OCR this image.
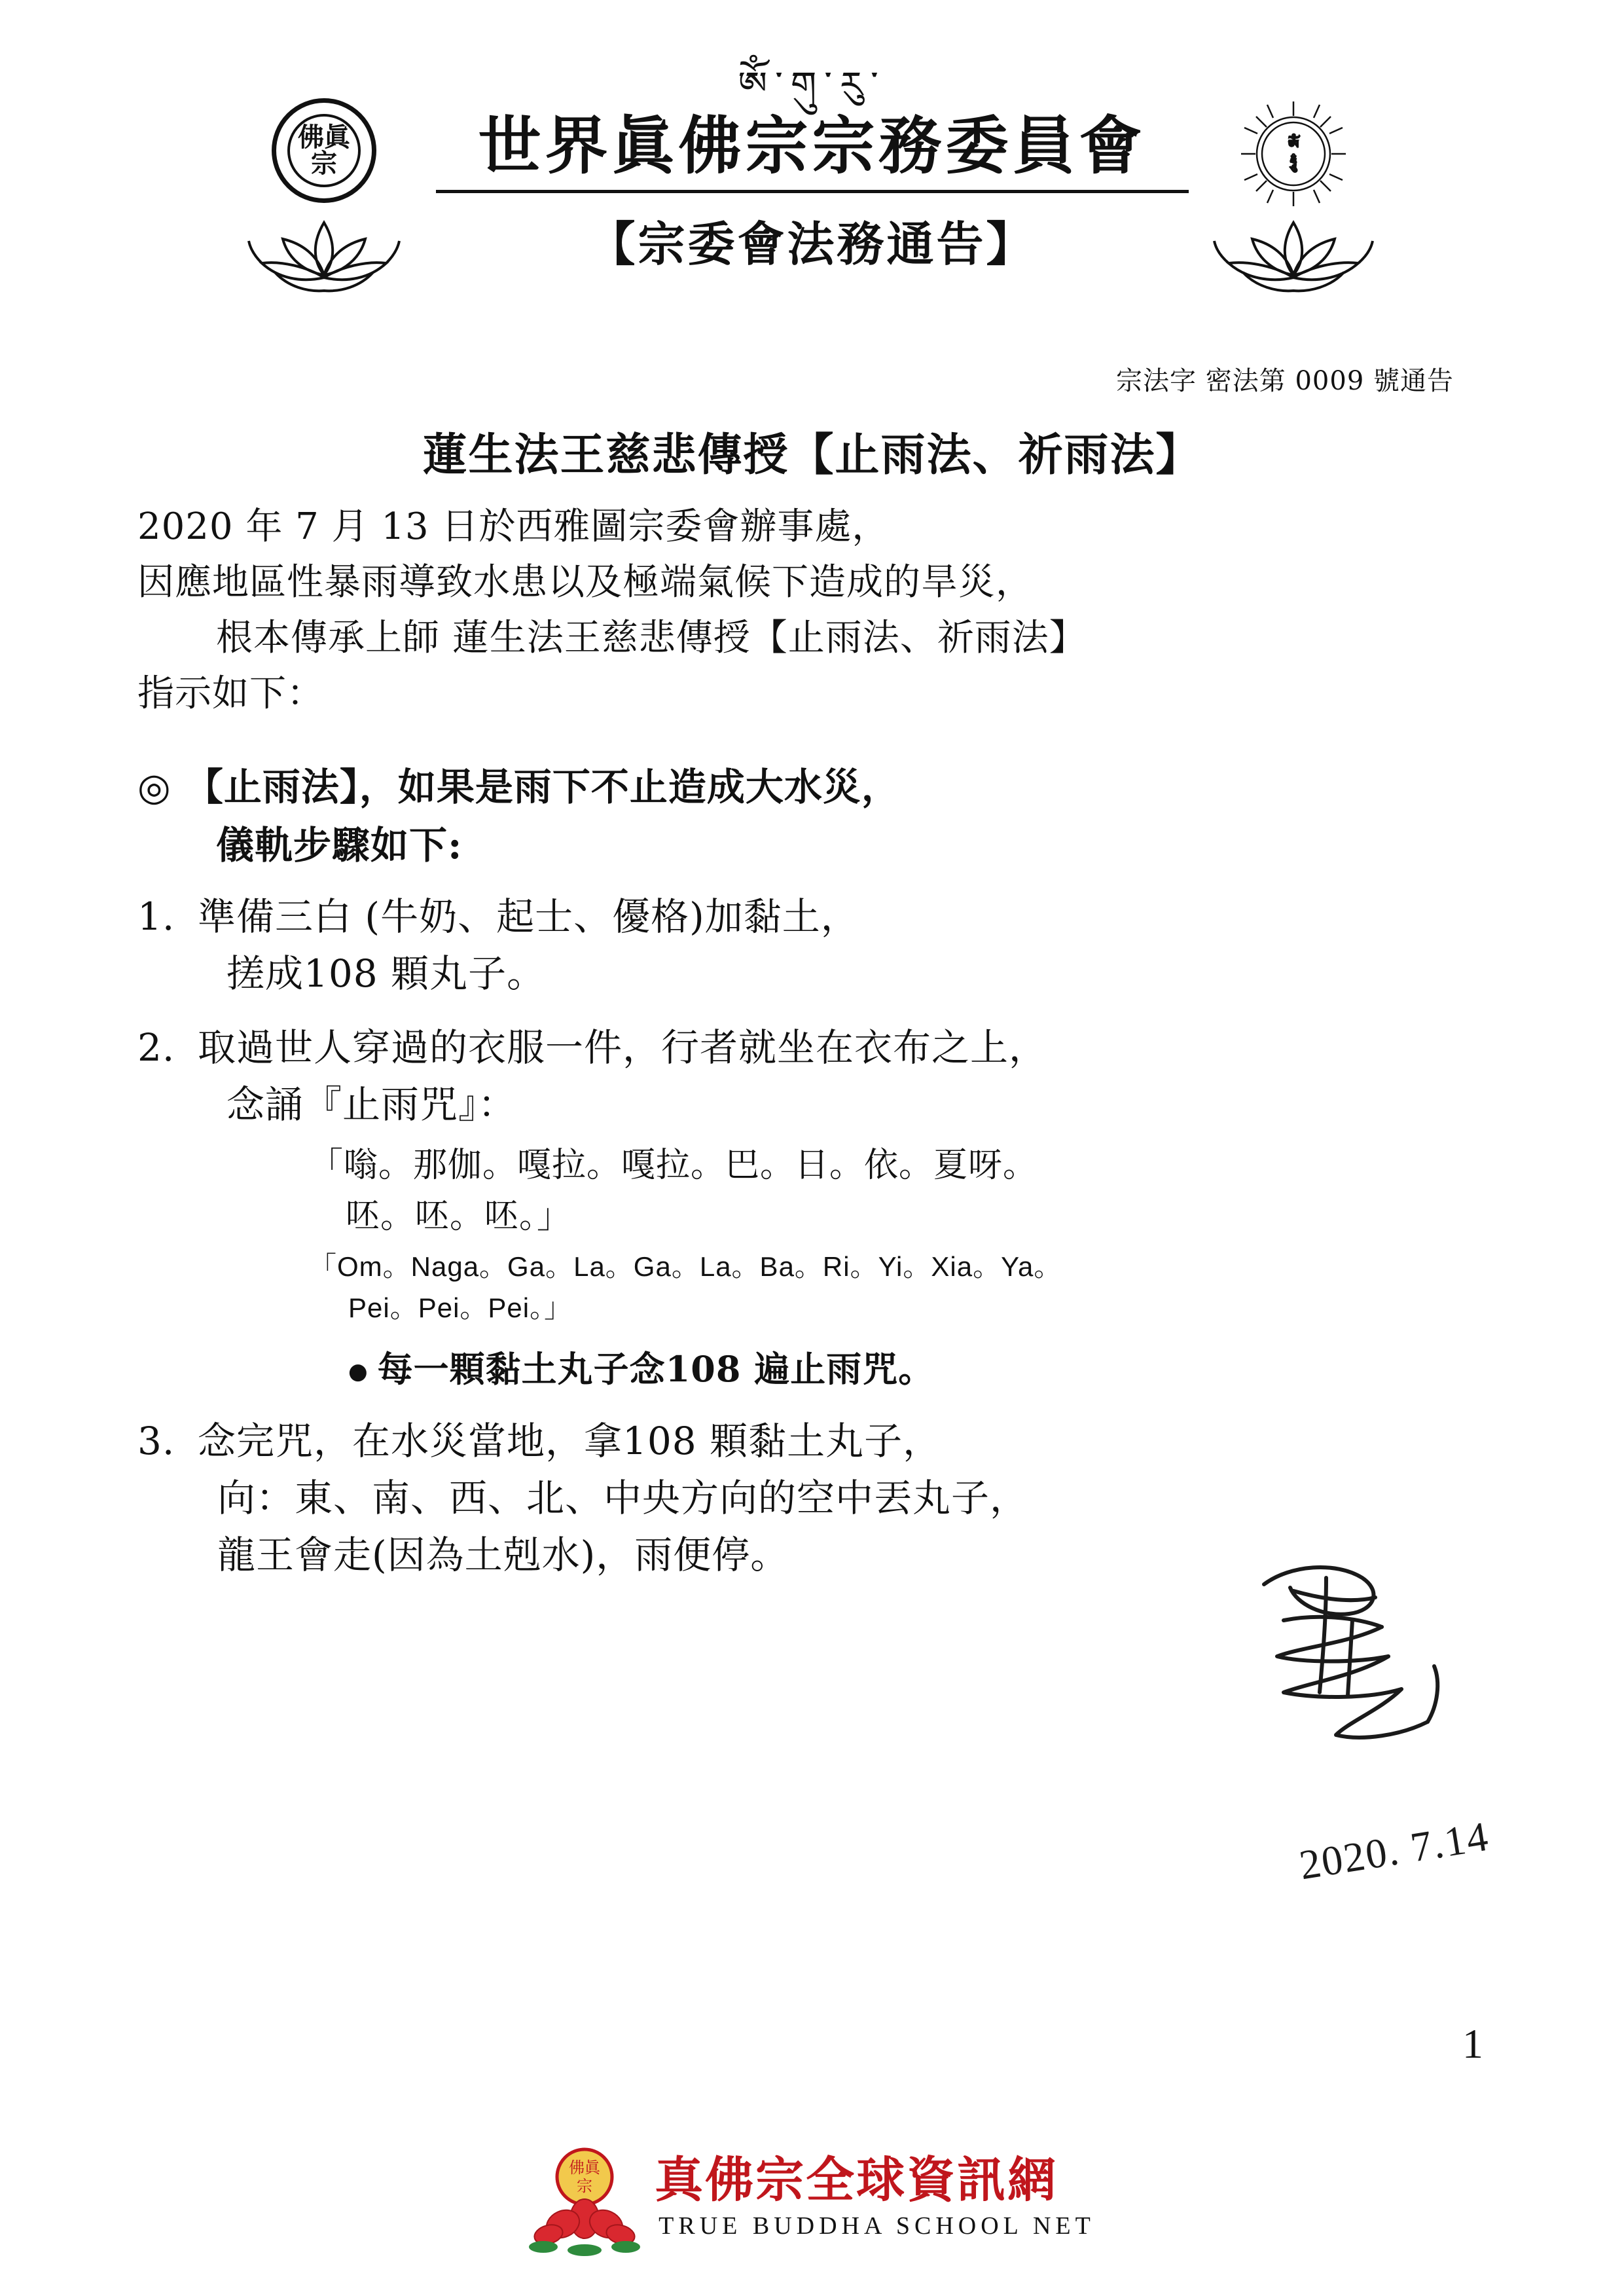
佛眞
宗
ༀ
ཧཱུྃ
ཨོཾ་གུ་རུ་
世界眞佛宗宗務委員會
【宗委會法務通告】
宗法字 密法第 0009 號通告
蓮生法王慈悲傳授【止雨法、祈雨法】
2020 年 7 月 13 日於西雅圖宗委會辦事處，
因應地區性暴雨導致水患以及極端氣候下造成的旱災，
根本傳承上師 蓮生法王慈悲傳授【止雨法、祈雨法】
指示如下：
◎ 【止雨法】，如果是雨下不止造成大水災，
儀軌步驟如下:
1. 準備三白 (牛奶、起士、優格)加黏土，
搓成108 顆丸子。
2. 取過世人穿過的衣服一件，行者就坐在衣布之上，
念誦『止雨咒』：
「嗡。那伽。嘎拉。嘎拉。巴。日。依。夏呀。
呸。呸。呸。」
「Om。Naga。Ga。La。Ga。La。Ba。Ri。Yi。Xia。Ya。
Pei。Pei。Pei。」
● 每一顆黏土丸子念108 遍止雨咒。
3. 念完咒，在水災當地，拿108 顆黏土丸子，
向：東、南、西、北、中央方向的空中丟丸子，
龍王會走(因為土剋水)，雨便停。
2020. 7.14
1
佛眞
宗 真佛宗全球資訊網
TRUE BUDDHA SCHOOL NET
